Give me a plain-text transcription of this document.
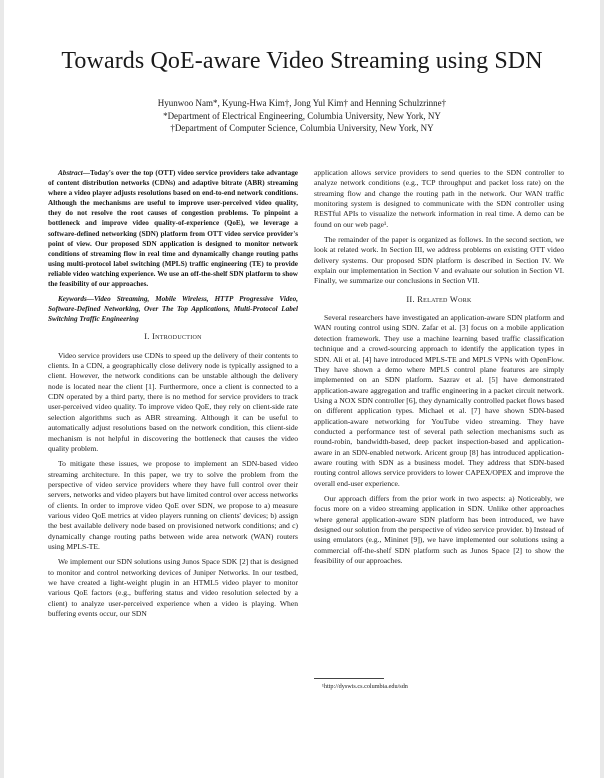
Towards QoE-aware Video Streaming using SDN
Hyunwoo Nam*, Kyung-Hwa Kim†, Jong Yul Kim† and Henning Schulzrinne†
*Department of Electrical Engineering, Columbia University, New York, NY
†Department of Computer Science, Columbia University, New York, NY

Abstract—Today's over the top (OTT) video service providers take advantage of content distribution networks (CDNs) and adaptive bitrate (ABR) streaming where a video player adjusts resolutions based on end-to-end network conditions. Although the mechanisms are useful to improve user-perceived video quality, they do not resolve the root causes of congestion problems. To pinpoint a bottleneck and improve video quality-of-experience (QoE), we leverage a software-defined networking (SDN) platform from OTT video service provider's point of view. Our proposed SDN application is designed to monitor network conditions of streaming flow in real time and dynamically change routing paths using multi-protocol label switching (MPLS) traffic engineering (TE) to provide reliable video watching experience. We use an off-the-shelf SDN platform to show the feasibility of our approaches.

Keywords—Video Streaming, Mobile Wireless, HTTP Progressive Video, Software-Defined Networking, Over The Top Applications, Multi-Protocol Label Switching Traffic Engineering

I. Introduction

Video service providers use CDNs to speed up the delivery of their contents to clients. In a CDN, a geographically close delivery node is typically assigned to a client. However, the network conditions can be unstable although the delivery node is located near the client [1]. Furthermore, once a client is connected to a CDN operated by a third party, there is no method for service providers to track user-perceived video quality. To improve video QoE, they rely on client-side rate selection algorithms such as ABR streaming. Although it can be useful to automatically adjust resolutions based on the network condition, this client-side mechanism is not helpful in discovering the bottleneck that causes the video quality problem.

To mitigate these issues, we propose to implement an SDN-based video streaming architecture. In this paper, we try to solve the problem from the perspective of video service providers where they have full control over their servers, networks and video players but have limited control over access networks of clients. In order to improve video QoE over SDN, we propose to a) measure various video QoE metrics at video players running on clients' devices; b) assign the best available delivery node based on provisioned network conditions; and c) dynamically change routing paths between wide area network (WAN) routers using MPLS-TE.

We implement our SDN solutions using Junos Space SDK [2] that is designed to monitor and control networking devices of Juniper Networks. In our testbed, we have created a light-weight plugin in an HTML5 video player to monitor various QoE factors (e.g., buffering status and video resolution selected by a client) to analyze user-perceived experience when a video is playing. When buffering events occur, our SDN

application allows service providers to send queries to the SDN controller to analyze network conditions (e.g., TCP throughput and packet loss rate) on the streaming flow and change the routing path in the network. Our WAN traffic monitoring system is designed to communicate with the SDN controller using RESTful APIs to visualize the network information in real time. A demo can be found on our web page¹.

The remainder of the paper is organized as follows. In the second section, we look at related work. In Section III, we address problems on existing OTT video delivery systems. Our proposed SDN platform is described in Section IV. We explain our implementation in Section V and evaluate our solution in Section VI. Finally, we summarize our conclusions in Section VII.

II. Related Work

Several researchers have investigated an application-aware SDN platform and WAN routing control using SDN. Zafar et al. [3] focus on a mobile application detection framework. They use a machine learning based traffic classification technique and a crowd-sourcing approach to identify the application types in SDN. Ali et al. [4] have introduced MPLS-TE and MPLS VPNs with OpenFlow. They have shown a demo where MPLS control plane features are simply implemented on an SDN platform. Sazrav et al. [5] have demonstrated application-aware aggregation and traffic engineering in a packet circuit network. Using a NOX SDN controller [6], they dynamically controlled packet flows based on different application types. Michael et al. [7] have shown SDN-based application-aware networking for YouTube video streaming. They have conducted a performance test of several path selection mechanisms such as round-robin, bandwidth-based, deep packet inspection-based and application-aware in an SDN-enabled network. Aricent group [8] has introduced application-aware routing with SDN as a business model. They address that SDN-based routing control allows service providers to lower CAPEX/OPEX and improve the overall end-user experience.

Our approach differs from the prior work in two aspects: a) Noticeably, we focus more on a video streaming application in SDN. Unlike other approaches where general application-aware SDN platform has been introduced, we have designed our solution from the perspective of video service provider. b) Instead of using emulators (e.g., Mininet [9]), we have implemented our solutions using a commercial off-the-shelf SDN platform such as Junos Space [2] to show the feasibility of our approaches.

¹http://dyswis.cs.columbia.edu/sdn
